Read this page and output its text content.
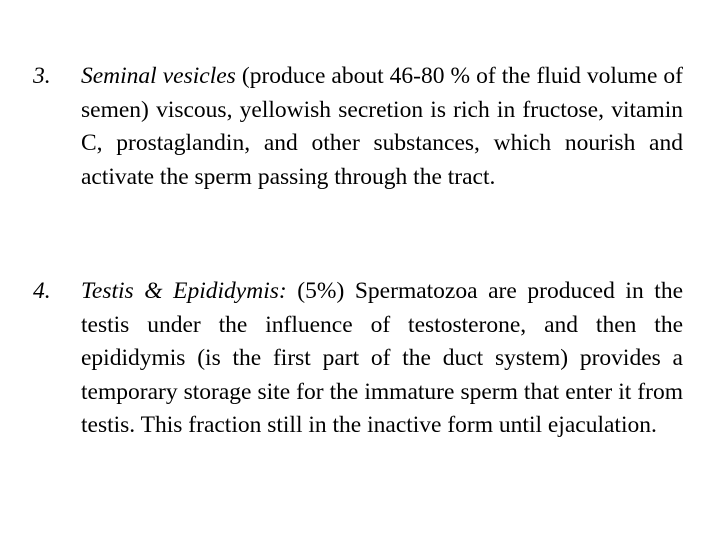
3. Seminal vesicles (produce about 46-80 % of the fluid volume of semen) viscous, yellowish secretion is rich in fructose, vitamin C, prostaglandin, and other substances, which nourish and activate the sperm passing through the tract.
4. Testis & Epididymis: (5%) Spermatozoa are produced in the testis under the influence of testosterone, and then the epididymis (is the first part of the duct system) provides a temporary storage site for the immature sperm that enter it from testis. This fraction still in the inactive form until ejaculation.
